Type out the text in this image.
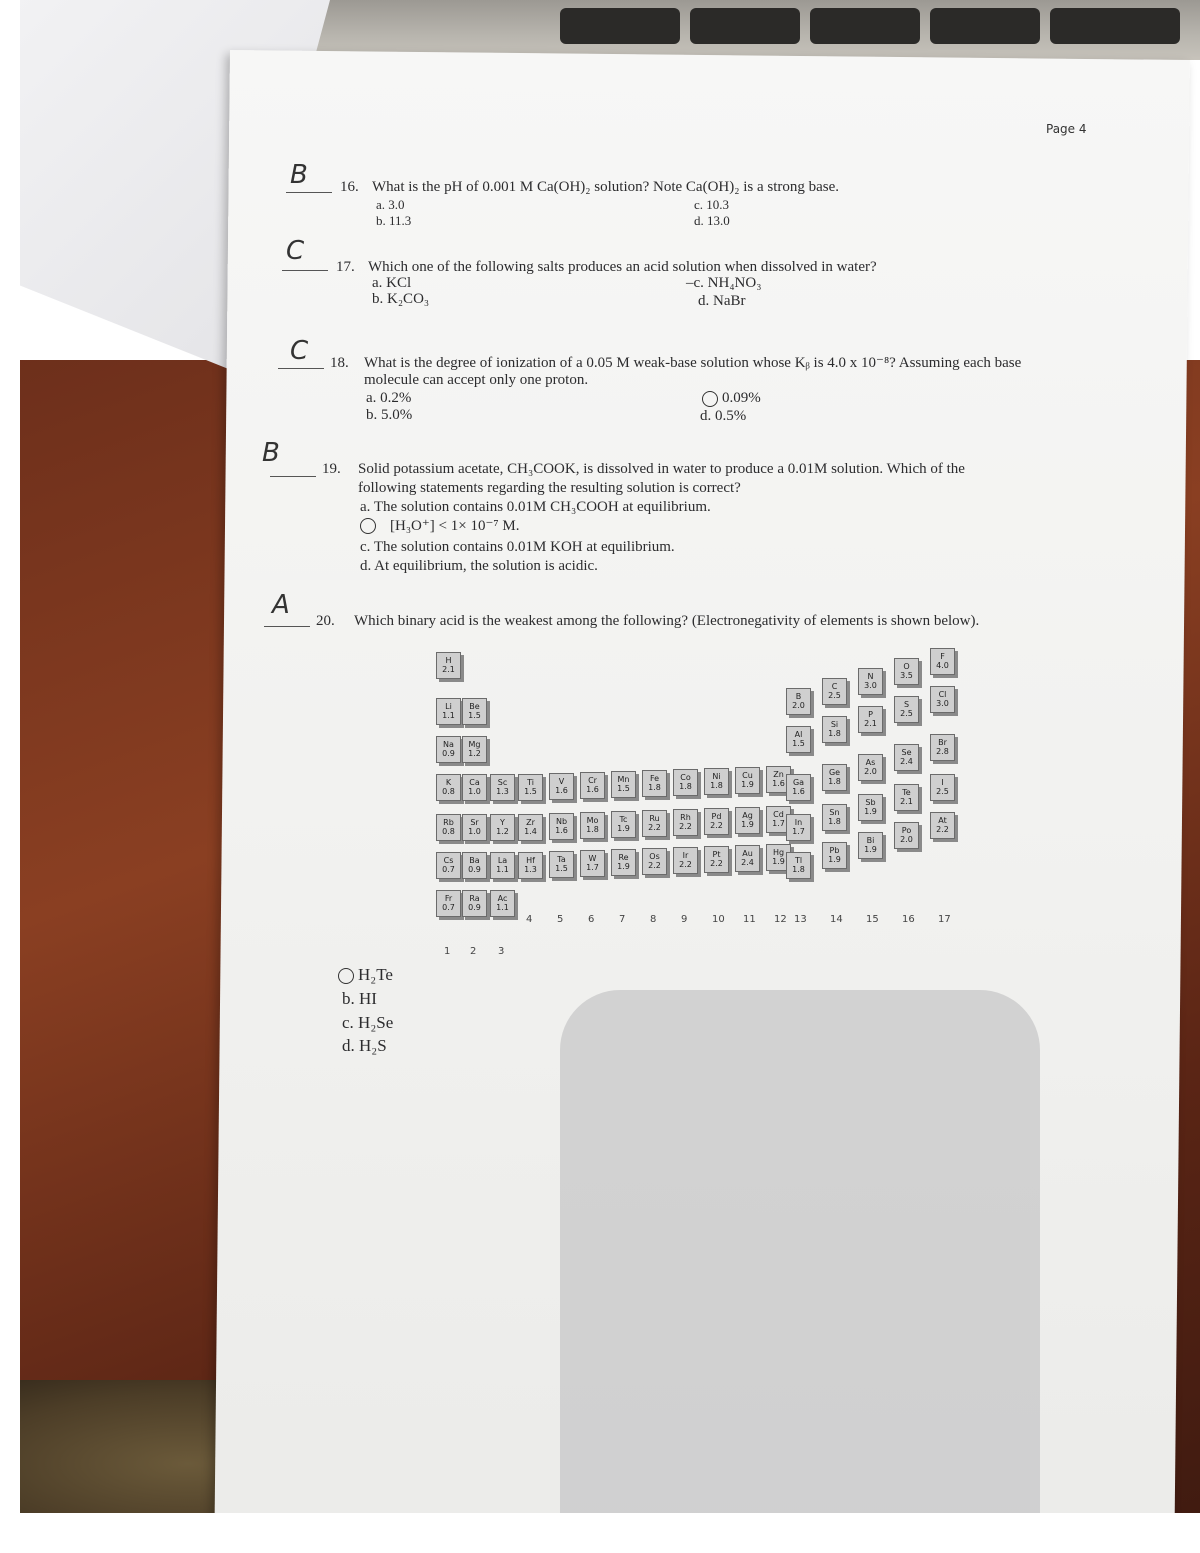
Page 4
B 16. What is the pH of 0.001 M Ca(OH)₂ solution? Note Ca(OH)₂ is a strong base.
a. 3.0
b. 11.3
c. 10.3
d. 13.0
C
17. Which one of the following salts produces an acid solution when dissolved in water?
a. KCl
b. K₂CO₃
–c. NH₄NO₃
d. NaBr
C 18. What is the degree of ionization of a 0.05 M weak-base solution whose Kᵦ is 4.0 x 10⁻⁸? Assuming each base
molecule can accept only one proton.
a. 0.2%
b. 5.0%
0.09%
d. 0.5%
B
19. Solid potassium acetate, CH₃COOK, is dissolved in water to produce a 0.01M solution. Which of the
following statements regarding the resulting solution is correct?
a. The solution contains 0.01M CH₃COOH at equilibrium.
[H₃O⁺] < 1× 10⁻⁷ M.
c. The solution contains 0.01M KOH at equilibrium.
d. At equilibrium, the solution is acidic.
A
20. Which binary acid is the weakest among the following? (Electronegativity of elements is shown below).
H
2.1
Li
1.1
Be
1.5
Na
0.9
Mg
1.2
K
0.8
Ca
1.0
Rb
0.8
Sr
1.0
Cs
0.7
Ba
0.9
Fr
0.7
Ra
0.9
Sc
1.3
Y
1.2
La
1.1
Ac
1.1
Ti
1.5
Zr
1.4
Hf
1.3
V
1.6
Nb
1.6
Ta
1.5
Cr
1.6
Mo
1.8
W
1.7
Mn
1.5
Tc
1.9
Re
1.9
Fe
1.8
Ru
2.2
Os
2.2
Co
1.8
Rh
2.2
Ir
2.2
Ni
1.8
Pd
2.2
Pt
2.2
Cu
1.9
Ag
1.9
Au
2.4
Zn
1.6
Cd
1.7
Hg
1.9
B
2.0
Al
1.5
Ga
1.6
In
1.7
Tl
1.8
C
2.5
Si
1.8
Ge
1.8
Sn
1.8
Pb
1.9
N
3.0
P
2.1
As
2.0
Sb
1.9
Bi
1.9
O
3.5
S
2.5
Se
2.4
Te
2.1
Po
2.0
F
4.0
Cl
3.0
Br
2.8
I
2.5
At
2.2
1 2 3
4 5 6 7 8 9 10 11 12 13 14 15 16 17
H₂Te
b. HI
c. H₂Se
d. H₂S
